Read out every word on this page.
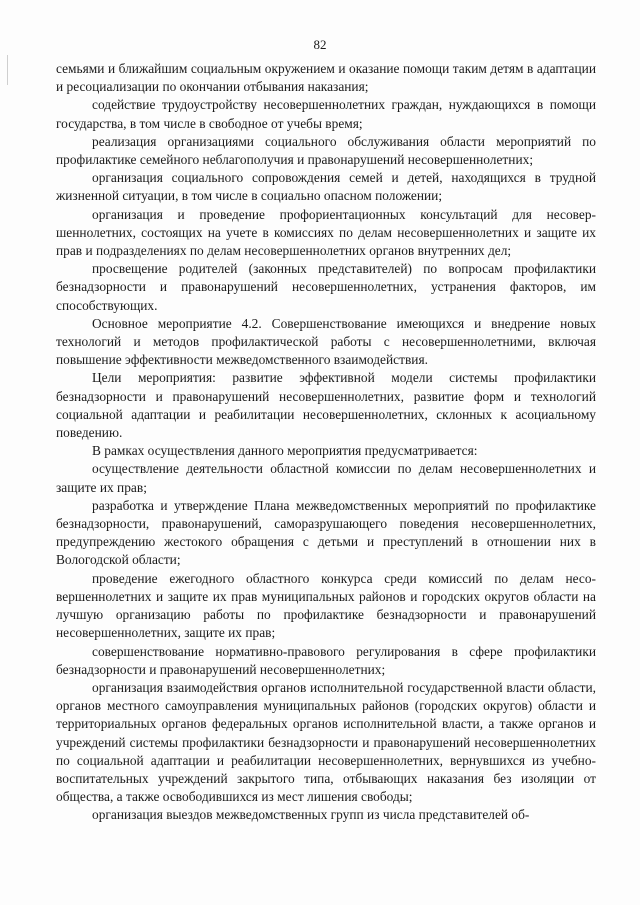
82

семьями и ближайшим социальным окружением и оказание помощи таким детям в адаптации и ресоциализации по окончании отбывания наказания;

содействие трудоустройству несовершеннолетних граждан, нуждающихся в помощи государства, в том числе в свободное от учебы время;

реализация организациями социального обслуживания области мероприятий по профилактике семейного неблагополучия и правонарушений несовершеннолетних;

организация социального сопровождения семей и детей, находящихся в трудной жизненной ситуации, в том числе в социально опасном положении;

организация и проведение профориентационных консультаций для несовершеннолетних, состоящих на учете в комиссиях по делам несовершеннолетних и защите их прав и подразделениях по делам несовершеннолетних органов внутренних дел;

просвещение родителей (законных представителей) по вопросам профилактики безнадзорности и правонарушений несовершеннолетних, устранения факторов, им способствующих.

Основное мероприятие 4.2. Совершенствование имеющихся и внедрение новых технологий и методов профилактической работы с несовершеннолетними, включая повышение эффективности межведомственного взаимодействия.

Цели мероприятия: развитие эффективной модели системы профилактики безнадзорности и правонарушений несовершеннолетних, развитие форм и технологий социальной адаптации и реабилитации несовершеннолетних, склонных к асоциальному поведению.

В рамках осуществления данного мероприятия предусматривается:

осуществление деятельности областной комиссии по делам несовершеннолетних и защите их прав;

разработка и утверждение Плана межведомственных мероприятий по профилактике безнадзорности, правонарушений, саморазрушающего поведения несовершеннолетних, предупреждению жестокого обращения с детьми и преступлений в отношении них в Вологодской области;

проведение ежегодного областного конкурса среди комиссий по делам несовершеннолетних и защите их прав муниципальных районов и городских округов области на лучшую организацию работы по профилактике безнадзорности и правонарушений несовершеннолетних, защите их прав;

совершенствование нормативно-правового регулирования в сфере профилактики безнадзорности и правонарушений несовершеннолетних;

организация взаимодействия органов исполнительной государственной власти области, органов местного самоуправления муниципальных районов (городских округов) области и территориальных органов федеральных органов исполнительной власти, а также органов и учреждений системы профилактики безнадзорности и правонарушений несовершеннолетних по социальной адаптации и реабилитации несовершеннолетних, вернувшихся из учебно-воспитательных учреждений закрытого типа, отбывающих наказания без изоляции от общества, а также освободившихся из мест лишения свободы;

организация выездов межведомственных групп из числа представителей об-
